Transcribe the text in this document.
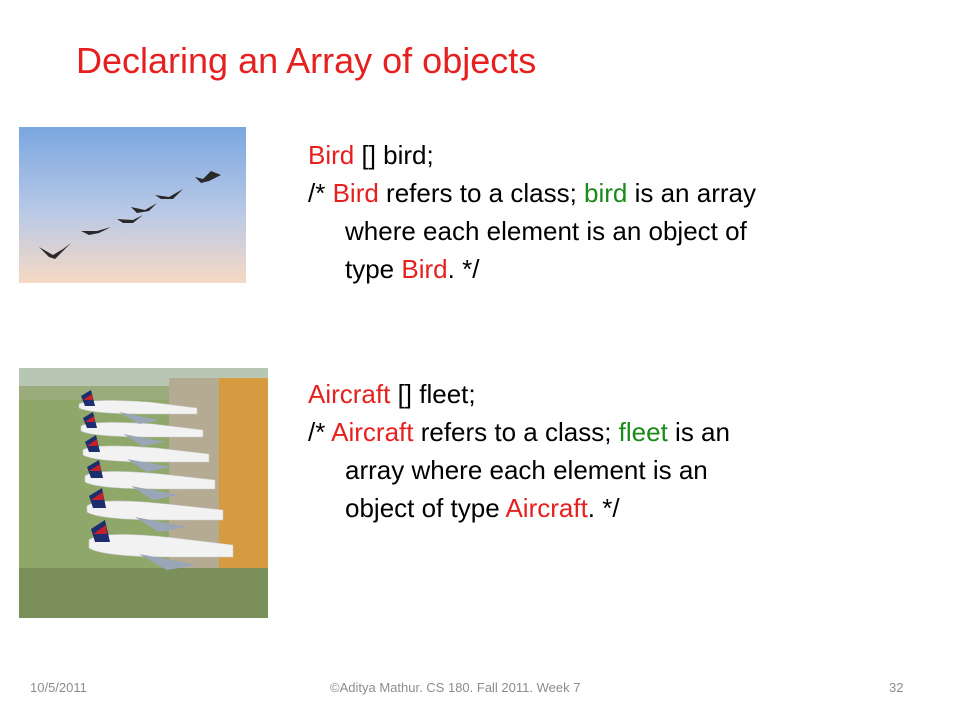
Declaring an Array of objects
Bird [] bird;
/* Bird refers to a class; bird is an array
where each element is an object of
type Bird. */
Aircraft [] fleet;
/* Aircraft refers to a class; fleet is an
array where each element is an
object of type Aircraft. */
10/5/2011	©Aditya Mathur. CS 180. Fall 2011. Week 7	32
